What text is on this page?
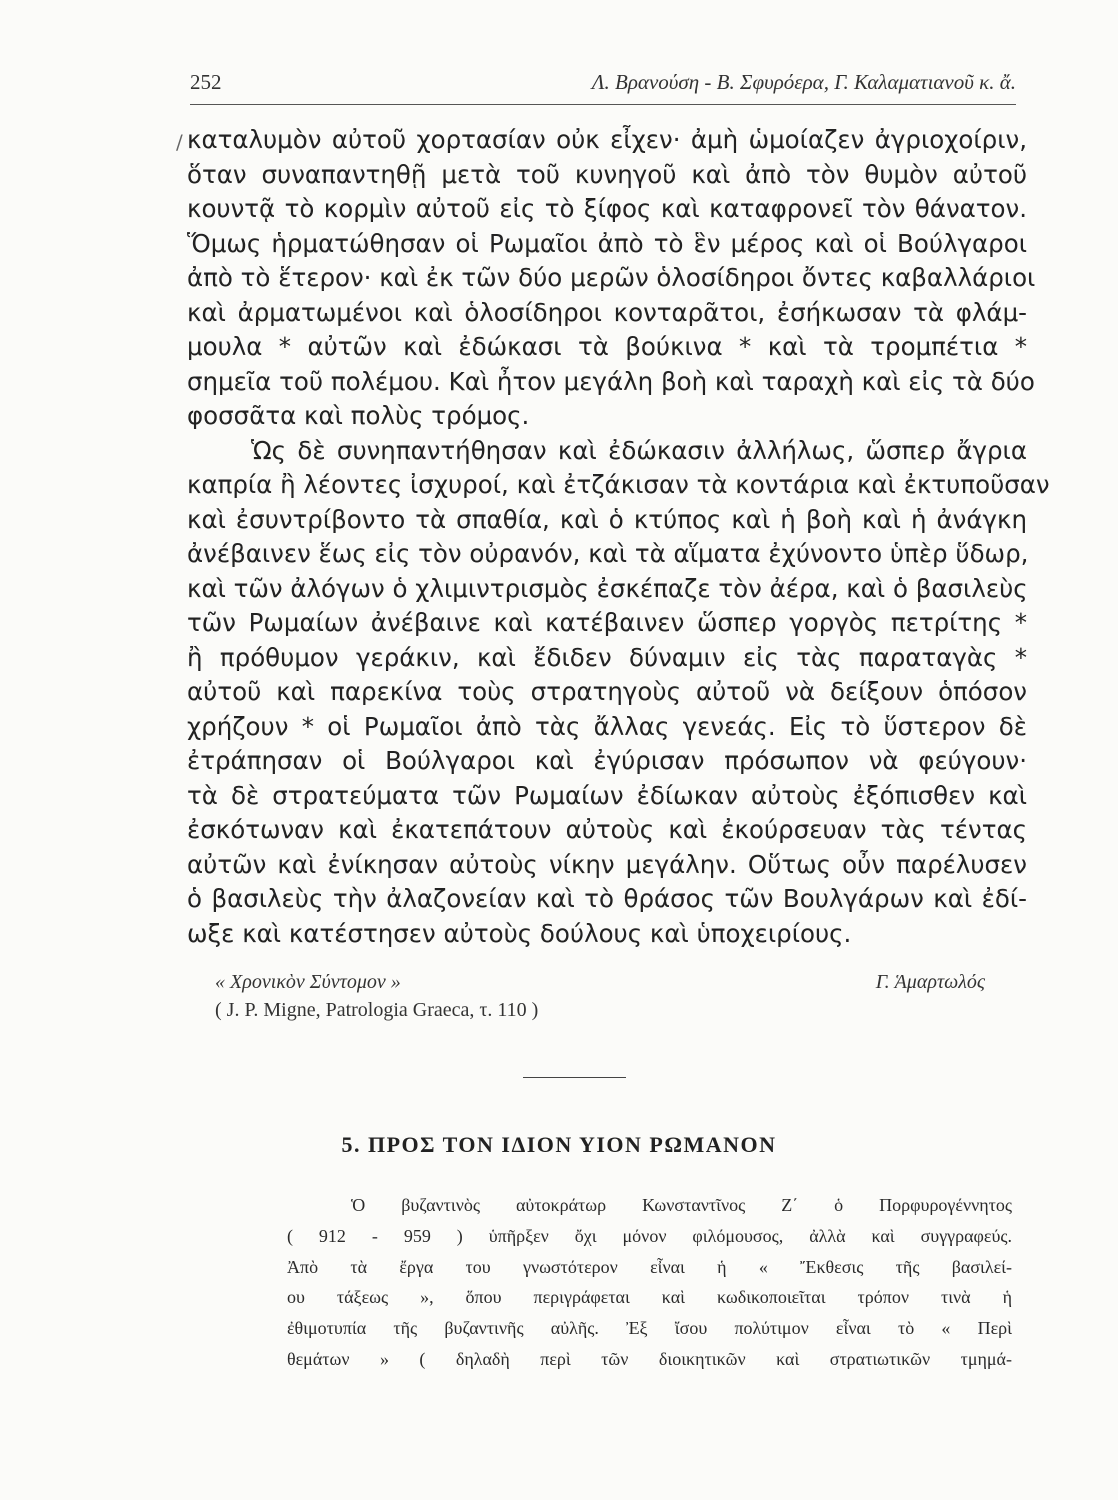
252	Λ. Βρανούση - Β. Σφυρόερα, Γ. Καλαματιανοῦ κ. ἄ.
/ καταλυμὸν αὐτοῦ χορτασίαν οὐκ εἶχεν· ἀμὴ ὡμοίαζεν ἀγριοχοίριν,
ὅταν συναπαντηθῇ μετὰ τοῦ κυνηγοῦ καὶ ἀπὸ τὸν θυμὸν αὐτοῦ
κουντᾷ τὸ κορμὶν αὐτοῦ εἰς τὸ ξίφος καὶ καταφρονεῖ τὸν θάνατον.
Ὅμως ἡρματώθησαν οἱ Ρωμαῖοι ἀπὸ τὸ ἓν μέρος καὶ οἱ Βούλγαροι
ἀπὸ τὸ ἕτερον· καὶ ἐκ τῶν δύο μερῶν ὁλοσίδηροι ὄντες καβαλλάριοι
καὶ ἀρματωμένοι καὶ ὁλοσίδηροι κονταρᾶτοι, ἐσήκωσαν τὰ φλάμ-
μουλα * αὐτῶν καὶ ἐδώκασι τὰ βούκινα * καὶ τὰ τρομπέτια *
σημεῖα τοῦ πολέμου. Καὶ ἦτον μεγάλη βοὴ καὶ ταραχὴ καὶ εἰς τὰ δύο
φοσσᾶτα καὶ πολὺς τρόμος.
Ὡς δὲ συνηπαντήθησαν καὶ ἐδώκασιν ἀλλήλως, ὥσπερ ἄγρια
καπρία ἢ λέοντες ἰσχυροί, καὶ ἐτζάκισαν τὰ κοντάρια καὶ ἐκτυποῦσαν
καὶ ἐσυντρίβοντο τὰ σπαθία, καὶ ὁ κτύπος καὶ ἡ βοὴ καὶ ἡ ἀνάγκη
ἀνέβαινεν ἕως εἰς τὸν οὐρανόν, καὶ τὰ αἵματα ἐχύνοντο ὑπὲρ ὕδωρ,
καὶ τῶν ἀλόγων ὁ χλιμιντρισμὸς ἐσκέπαζε τὸν ἀέρα, καὶ ὁ βασιλεὺς
τῶν Ρωμαίων ἀνέβαινε καὶ κατέβαινεν ὥσπερ γοργὸς πετρίτης *
ἢ πρόθυμον γεράκιν, καὶ ἔδιδεν δύναμιν εἰς τὰς παραταγὰς *
αὐτοῦ καὶ παρεκίνα τοὺς στρατηγοὺς αὐτοῦ νὰ δείξουν ὁπόσον
χρήζουν * οἱ Ρωμαῖοι ἀπὸ τὰς ἄλλας γενεάς. Εἰς τὸ ὕστερον δὲ
ἐτράπησαν οἱ Βούλγαροι καὶ ἐγύρισαν πρόσωπον νὰ φεύγουν·
τὰ δὲ στρατεύματα τῶν Ρωμαίων ἐδίωκαν αὐτοὺς ἐξόπισθεν καὶ
ἐσκότωναν καὶ ἐκατεπάτουν αὐτοὺς καὶ ἐκούρσευαν τὰς τέντας
αὐτῶν καὶ ἐνίκησαν αὐτοὺς νίκην μεγάλην. Οὕτως οὖν παρέλυσεν
ὁ βασιλεὺς τὴν ἀλαζονείαν καὶ τὸ θράσος τῶν Βουλγάρων καὶ ἐδί-
ωξε καὶ κατέστησεν αὐτοὺς δούλους καὶ ὑποχειρίους.
« Χρονικὸν Σύντομον »	Γ. Ἁμαρτωλός
( J. P. Migne, Patrologia Graeca, τ. 110 )
5. ΠΡΟΣ ΤΟΝ ΙΔΙΟΝ ΥΙΟΝ ΡΩΜΑΝΟΝ
Ὁ βυζαντινὸς αὐτοκράτωρ Κωνσταντῖνος Ζ΄ ὁ Πορφυρογέννητος
( 912 - 959 ) ὑπῆρξεν ὄχι μόνον φιλόμουσος, ἀλλὰ καὶ συγγραφεύς.
Ἀπὸ τὰ ἔργα του γνωστότερον εἶναι ἡ « Ἔκθεσις τῆς βασιλεί-
ου τάξεως », ὅπου περιγράφεται καὶ κωδικοποιεῖται τρόπον τινὰ ἡ
ἐθιμοτυπία τῆς βυζαντινῆς αὐλῆς. Ἐξ ἴσου πολύτιμον εἶναι τὸ « Περὶ
θεμάτων » ( δηλαδὴ περὶ τῶν διοικητικῶν καὶ στρατιωτικῶν τμημά-
